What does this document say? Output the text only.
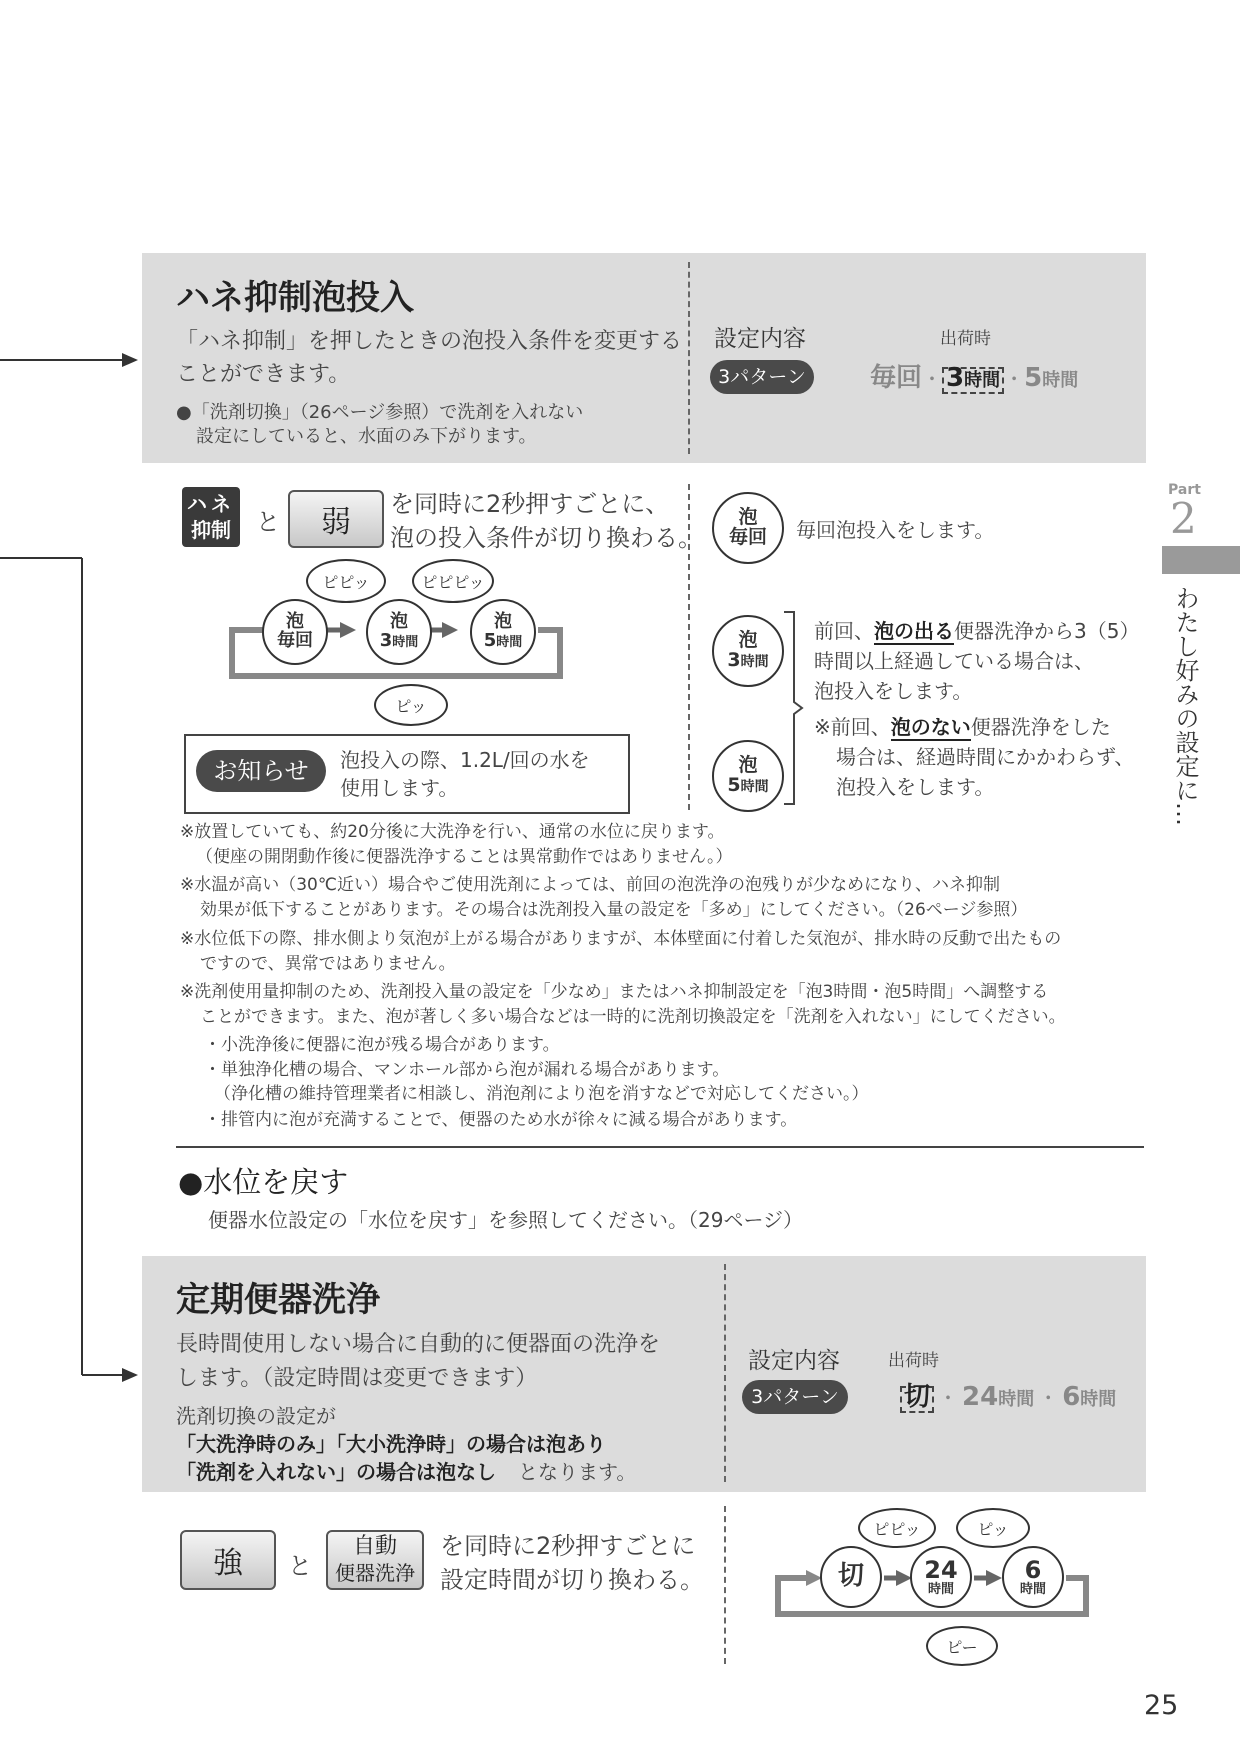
ハネ抑制泡投入
「ハネ抑制」を押したときの泡投入条件を変更する
ことができます。
●「洗剤切換」（26ページ参照）で洗剤を入れない
設定にしていると、水面のみ下がります。
設定内容	出荷時
3パターン	毎回・ 3時間 ・5時間
ハネ
抑制	と 弱
を同時に2秒押すごとに、
泡の投入条件が切り換わる。
泡
毎回
泡
3時間
泡
5時間
ピピッ	ピピピッ
ピッ
お知らせ	泡投入の際、1.2L/回の水を
使用します。
泡
毎回 毎回泡投入をします。
泡
3時間
泡
5時間
前回、泡の出る便器洗浄から3（5）
時間以上経過している場合は、
泡投入をします。
※前回、泡のない便器洗浄をした
場合は、経過時間にかかわらず、
泡投入をします。
※放置していても、約20分後に大洗浄を行い、通常の水位に戻ります。
（便座の開閉動作後に便器洗浄することは異常動作ではありません。）
※水温が高い（30℃近い）場合やご使用洗剤によっては、前回の泡洗浄の泡残りが少なめになり、ハネ抑制
効果が低下することがあります。その場合は洗剤投入量の設定を「多め」にしてください。（26ページ参照）
※水位低下の際、排水側より気泡が上がる場合がありますが、本体壁面に付着した気泡が、排水時の反動で出たもの
ですので、異常ではありません。
※洗剤使用量抑制のため、洗剤投入量の設定を「少なめ」またはハネ抑制設定を「泡3時間・泡5時間」へ調整する
ことができます。また、泡が著しく多い場合などは一時的に洗剤切換設定を「洗剤を入れない」にしてください。
・小洗浄後に便器に泡が残る場合があります。
・単独浄化槽の場合、マンホール部から泡が漏れる場合があります。
（浄化槽の維持管理業者に相談し、消泡剤により泡を消すなどで対応してください。）
・排管内に泡が充満することで、便器のため水が徐々に減る場合があります。
●水位を戻す
便器水位設定の「水位を戻す」を参照してください。（29ページ）
定期便器洗浄
長時間使用しない場合に自動的に便器面の洗浄を
します。（設定時間は変更できます）
洗剤切換の設定が
「大洗浄時のみ」「大小洗浄時」の場合は泡あり
「洗剤を入れない」の場合は泡なし となります。
設定内容	出荷時
3パターン	切 ・ 24時間 ・ 6時間
強 と
自動
便器洗浄
を同時に2秒押すごとに
設定時間が切り換わる。	切	24
時間
6
時間
ピピッ	ピッ
ピー
Part
2
わたし好みの設定に…
25
